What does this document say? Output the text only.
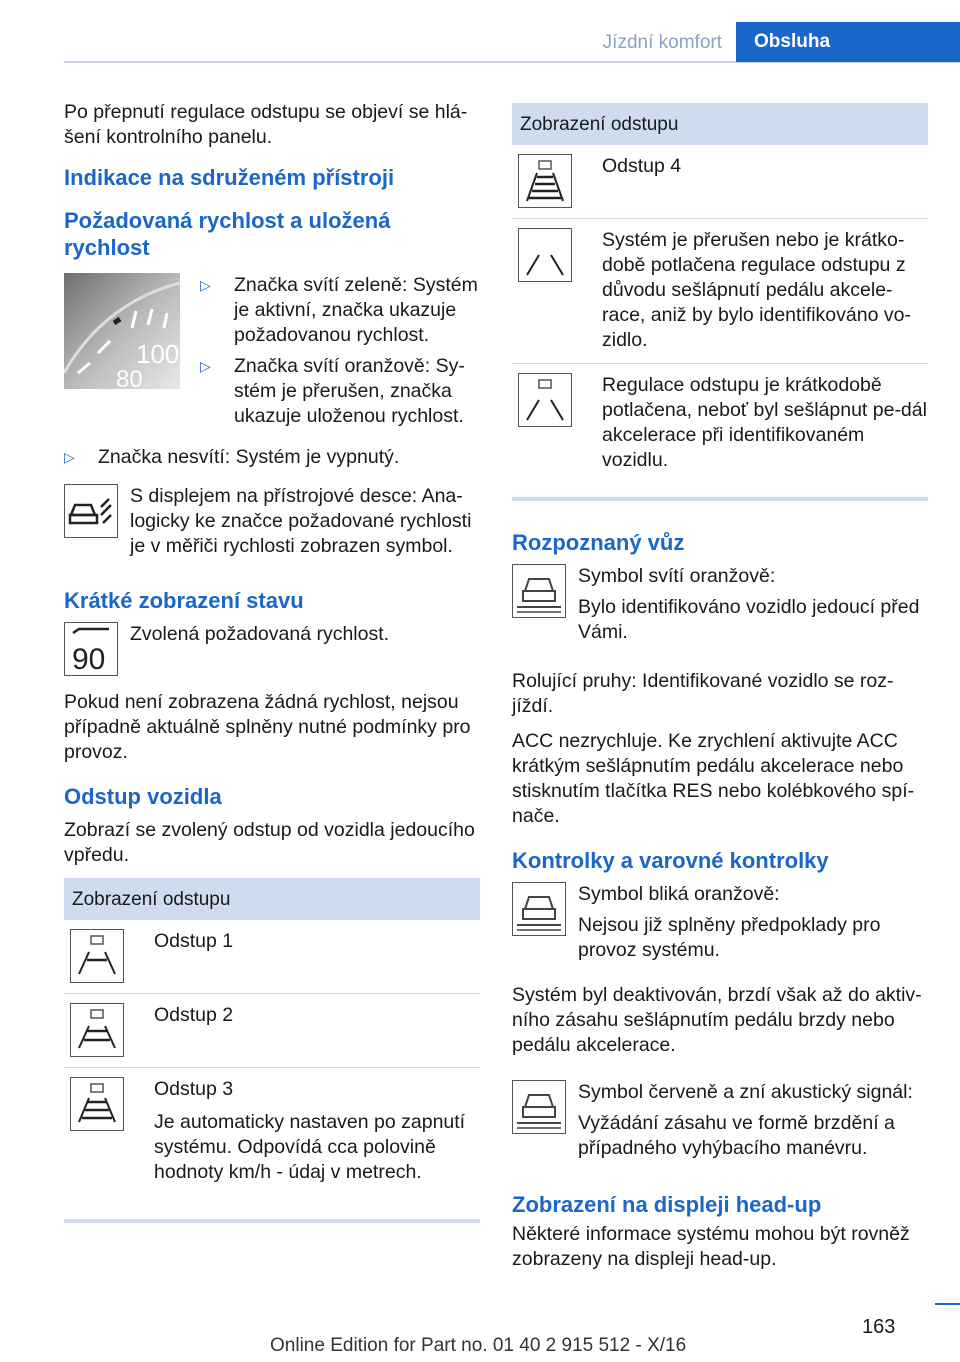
Jízdní komfort	Obsluha

Po přepnutí regulace odstupu se objeví se hlá-šení kontrolního panelu.

Indikace na sdruženém přístroji
Požadovaná rychlost a uložená rychlost
100
80
▷	Značka svítí zeleně: Systém je aktivní, značka ukazuje požadovanou rychlost.
▷	Značka svítí oranžově: Sy-stém je přerušen, značka ukazuje uloženou rychlost.
▷	Značka nesvítí: Systém je vypnutý.

S displejem na přístrojové desce: Ana-logicky ke značce požadované rychlosti je v měřiči rychlosti zobrazen symbol.

Krátké zobrazení stavu
90

Zvolená požadovaná rychlost.

Pokud není zobrazena žádná rychlost, nejsou případně aktuálně splněny nutné podmínky pro provoz.

Odstup vozidla

Zobrazí se zvolený odstup od vozidla jedoucího vpředu.

Zobrazení odstupu
Odstup 1
Odstup 2

Odstup 3

Je automaticky nastaven po zapnutí systému. Odpovídá cca polovině hodnoty km/h - údaj v metrech.

Zobrazení odstupu
Odstup 4
Systém je přerušen nebo je krátko-době potlačena regulace odstupu z důvodu sešlápnutí pedálu akcele-race, aniž by bylo identifikováno vo-zidlo.
Regulace odstupu je krátkodobě potlačena, neboť byl sešlápnut pe-dál akcelerace při identifikovaném vozidlu.
Rozpoznaný vůz

Symbol svítí oranžově:

Bylo identifikováno vozidlo jedoucí před Vámi.

Rolující pruhy: Identifikované vozidlo se roz-jíždí.

ACC nezrychluje. Ke zrychlení aktivujte ACC krátkým sešlápnutím pedálu akcelerace nebo stisknutím tlačítka RES nebo kolébkového spí-nače.

Kontrolky a varovné kontrolky

Symbol bliká oranžově:

Nejsou již splněny předpoklady pro provoz systému.

Systém byl deaktivován, brzdí však až do aktiv-ního zásahu sešlápnutím pedálu brzdy nebo pedálu akcelerace.

Symbol červeně a zní akustický signál:

Vyžádání zásahu ve formě brzdění a případného vyhýbacího manévru.

Zobrazení na displeji head-up

Některé informace systému mohou být rovněž zobrazeny na displeji head-up.

163
Online Edition for Part no. 01 40 2 915 512 - X/16
